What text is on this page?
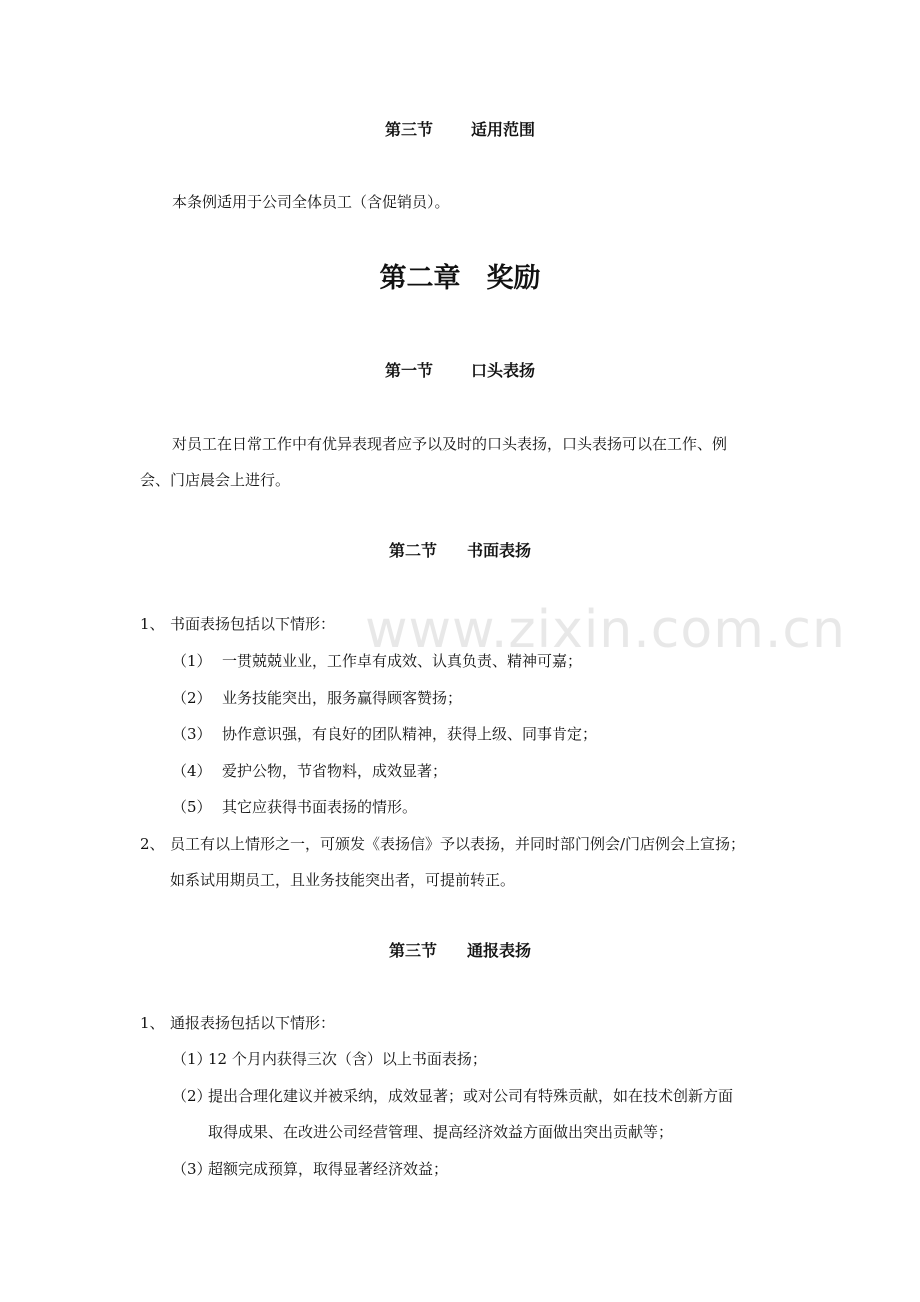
www.zixin.com.cn
第三节 适用范围
本条例适用于公司全体员工（含促销员）。
第二章 奖励
第一节 口头表扬
对员工在日常工作中有优异表现者应予以及时的口头表扬，口头表扬可以在工作、例
会、门店晨会上进行。
第二节 书面表扬
1、 书面表扬包括以下情形：
（1） 一贯兢兢业业，工作卓有成效、认真负责、精神可嘉；
（2） 业务技能突出，服务赢得顾客赞扬；
（3） 协作意识强，有良好的团队精神，获得上级、同事肯定；
（4） 爱护公物，节省物料，成效显著；
（5） 其它应获得书面表扬的情形。
2、 员工有以上情形之一，可颁发《表扬信》予以表扬，并同时部门例会/门店例会上宣扬；
如系试用期员工，且业务技能突出者，可提前转正。
第三节 通报表扬
1、 通报表扬包括以下情形：
（1）12 个月内获得三次（含）以上书面表扬；
（2）提出合理化建议并被采纳，成效显著；或对公司有特殊贡献，如在技术创新方面
取得成果、在改进公司经营管理、提高经济效益方面做出突出贡献等；
（3）超额完成预算，取得显著经济效益；
